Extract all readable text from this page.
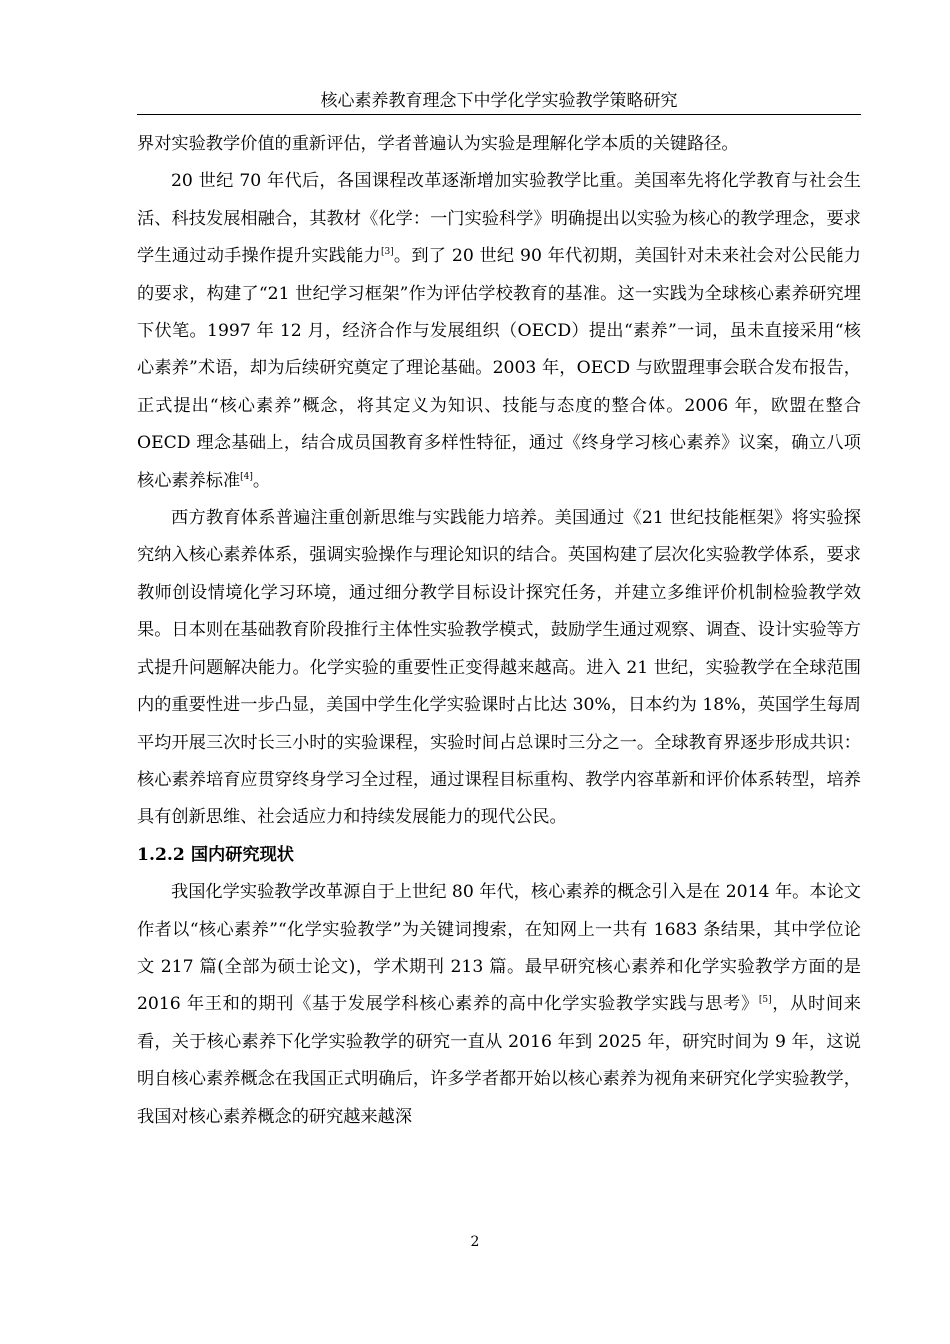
核心素养教育理念下中学化学实验教学策略研究

界对实验教学价值的重新评估，学者普遍认为实验是理解化学本质的关键路径。

20 世纪 70 年代后，各国课程改革逐渐增加实验教学比重。美国率先将化学教育与社会生活、科技发展相融合，其教材《化学：一门实验科学》明确提出以实验为核心的教学理念，要求学生通过动手操作提升实践能力[3]。到了 20 世纪 90 年代初期，美国针对未来社会对公民能力的要求，构建了“21 世纪学习框架”作为评估学校教育的基准。这一实践为全球核心素养研究埋下伏笔。1997 年 12 月，经济合作与发展组织（OECD）提出“素养”一词，虽未直接采用“核心素养”术语，却为后续研究奠定了理论基础。2003 年，OECD 与欧盟理事会联合发布报告，正式提出“核心素养”概念，将其定义为知识、技能与态度的整合体。2006 年，欧盟在整合 OECD 理念基础上，结合成员国教育多样性特征，通过《终身学习核心素养》议案，确立八项核心素养标准[4]。

西方教育体系普遍注重创新思维与实践能力培养。美国通过《21 世纪技能框架》将实验探究纳入核心素养体系，强调实验操作与理论知识的结合。英国构建了层次化实验教学体系，要求教师创设情境化学习环境，通过细分教学目标设计探究任务，并建立多维评价机制检验教学效果。日本则在基础教育阶段推行主体性实验教学模式，鼓励学生通过观察、调查、设计实验等方式提升问题解决能力。化学实验的重要性正变得越来越高。进入 21 世纪，实验教学在全球范围内的重要性进一步凸显，美国中学生化学实验课时占比达 30%，日本约为 18%，英国学生每周平均开展三次时长三小时的实验课程，实验时间占总课时三分之一。全球教育界逐步形成共识：核心素养培育应贯穿终身学习全过程，通过课程目标重构、教学内容革新和评价体系转型，培养具有创新思维、社会适应力和持续发展能力的现代公民。

1.2.2 国内研究现状

我国化学实验教学改革源自于上世纪 80 年代，核心素养的概念引入是在 2014 年。本论文作者以“核心素养”“化学实验教学”为关键词搜索，在知网上一共有 1683 条结果，其中学位论文 217 篇(全部为硕士论文)，学术期刊 213 篇。最早研究核心素养和化学实验教学方面的是 2016 年王和的期刊《基于发展学科核心素养的高中化学实验教学实践与思考》[5]，从时间来看，关于核心素养下化学实验教学的研究一直从 2016 年到 2025 年，研究时间为 9 年，这说明自核心素养概念在我国正式明确后，许多学者都开始以核心素养为视角来研究化学实验教学，我国对核心素养概念的研究越来越深

2
